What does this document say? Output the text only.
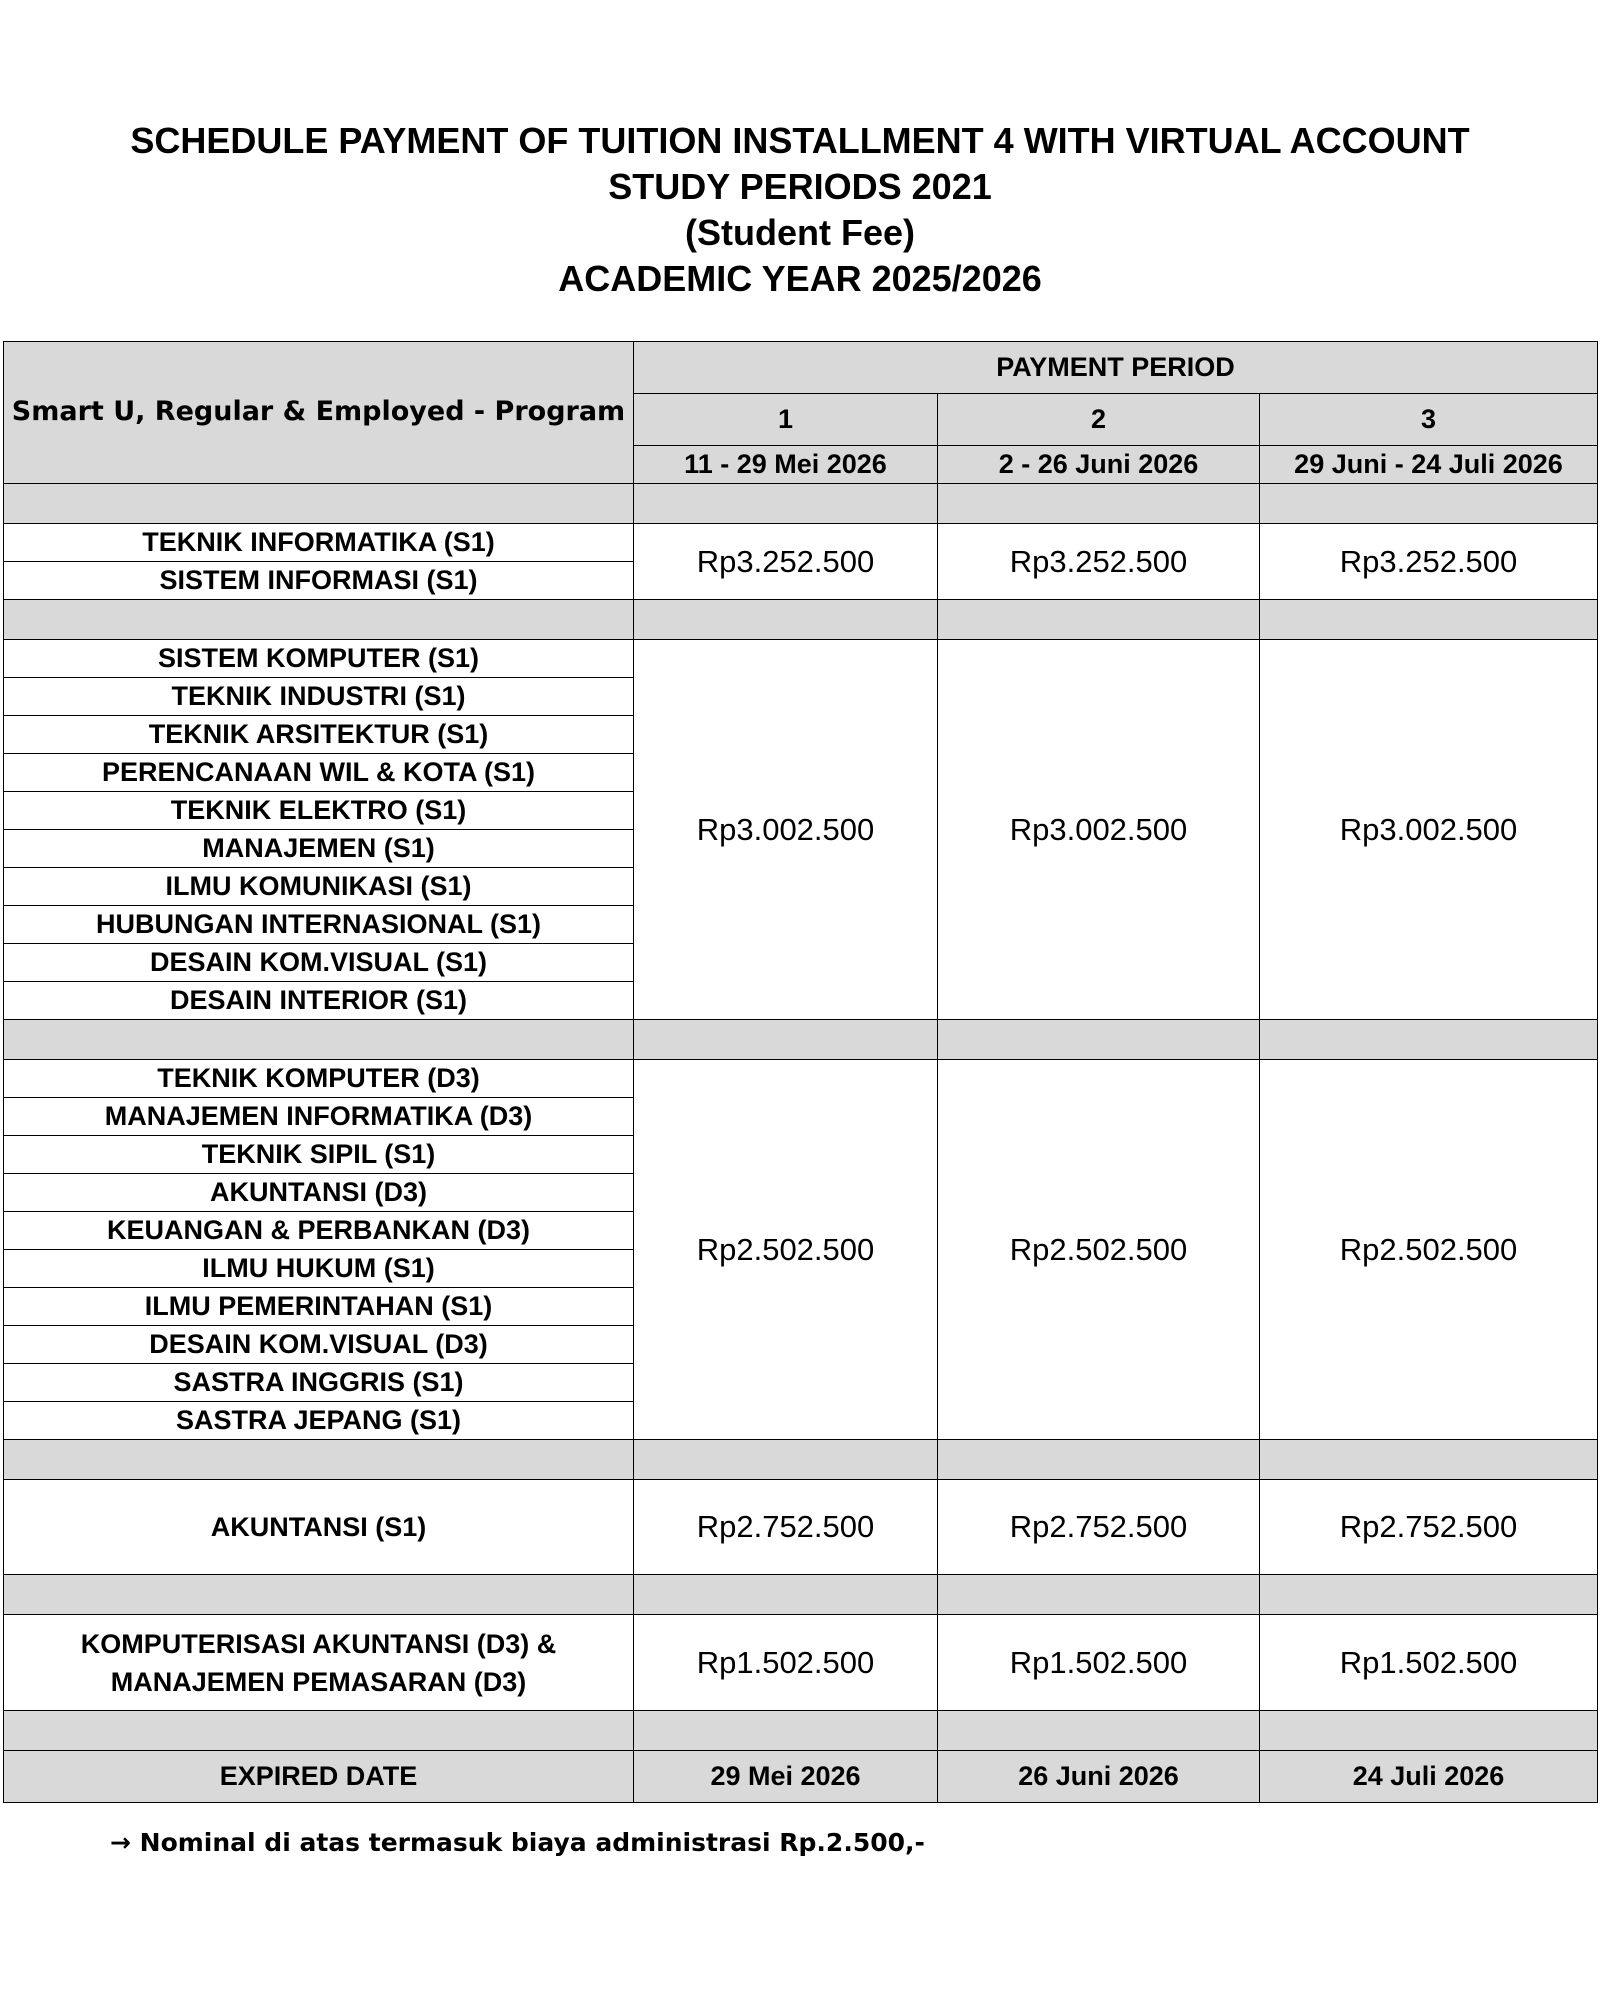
SCHEDULE PAYMENT OF TUITION INSTALLMENT 4 WITH VIRTUAL ACCOUNT
STUDY PERIODS 2021
(Student Fee)
ACADEMIC YEAR 2025/2026
Smart U, Regular & Employed - Program	PAYMENT PERIOD		
	1	2	3
	11 - 29 Mei 2026	2 - 26 Juni 2026	29 Juni - 24 Juli 2026

TEKNIK INFORMATIKA (S1)	Rp3.252.500	Rp3.252.500	Rp3.252.500
SISTEM INFORMASI (S1)			

SISTEM KOMPUTER (S1)	Rp3.002.500	Rp3.002.500	Rp3.002.500
TEKNIK INDUSTRI (S1)			
TEKNIK ARSITEKTUR (S1)			
PERENCANAAN WIL & KOTA (S1)			
TEKNIK ELEKTRO (S1)			
MANAJEMEN (S1)			
ILMU KOMUNIKASI (S1)			
HUBUNGAN INTERNASIONAL (S1)			
DESAIN KOM.VISUAL (S1)			
DESAIN INTERIOR (S1)			

TEKNIK KOMPUTER (D3)	Rp2.502.500	Rp2.502.500	Rp2.502.500
MANAJEMEN INFORMATIKA (D3)			
TEKNIK SIPIL (S1)			
AKUNTANSI (D3)			
KEUANGAN & PERBANKAN (D3)			
ILMU HUKUM (S1)			
ILMU PEMERINTAHAN (S1)			
DESAIN KOM.VISUAL (D3)			
SASTRA INGGRIS (S1)			
SASTRA JEPANG (S1)			

AKUNTANSI (S1)	Rp2.752.500	Rp2.752.500	Rp2.752.500

KOMPUTERISASI AKUNTANSI (D3) &
MANAJEMEN PEMASARAN (D3)	Rp1.502.500	Rp1.502.500	Rp1.502.500

EXPIRED DATE	29 Mei 2026	26 Juni 2026	24 Juli 2026
→ Nominal di atas termasuk biaya administrasi Rp.2.500,-
